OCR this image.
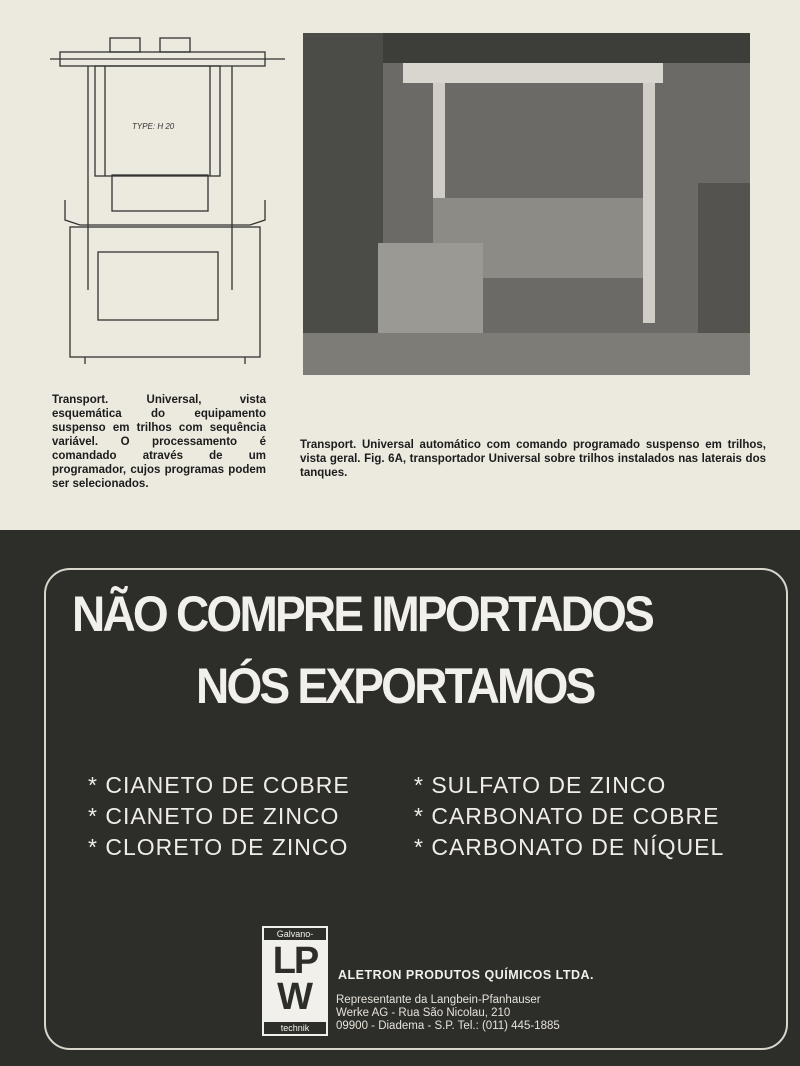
TYPE: H 20
Transport. Universal, vista esquemática do equipamento suspenso em trilhos com sequência variável. O processamento é comandado através de um programador, cujos programas podem ser selecionados.
Transport. Universal automático com comando programado suspenso em trilhos, vista geral. Fig. 6A, transportador Universal sobre trilhos instalados nas laterais dos tanques.
NÃO COMPRE IMPORTADOS
NÓS EXPORTAMOS
* CIANETO DE COBRE
* CIANETO DE ZINCO
* CLORETO DE ZINCO
* SULFATO DE ZINCO
* CARBONATO DE COBRE
* CARBONATO DE NÍQUEL
Galvano-
LP
W
technik
ALETRON PRODUTOS QUÍMICOS LTDA.
Representante da Langbein-Pfanhauser
Werke AG - Rua São Nicolau, 210
09900 - Diadema - S.P. Tel.: (011) 445-1885
